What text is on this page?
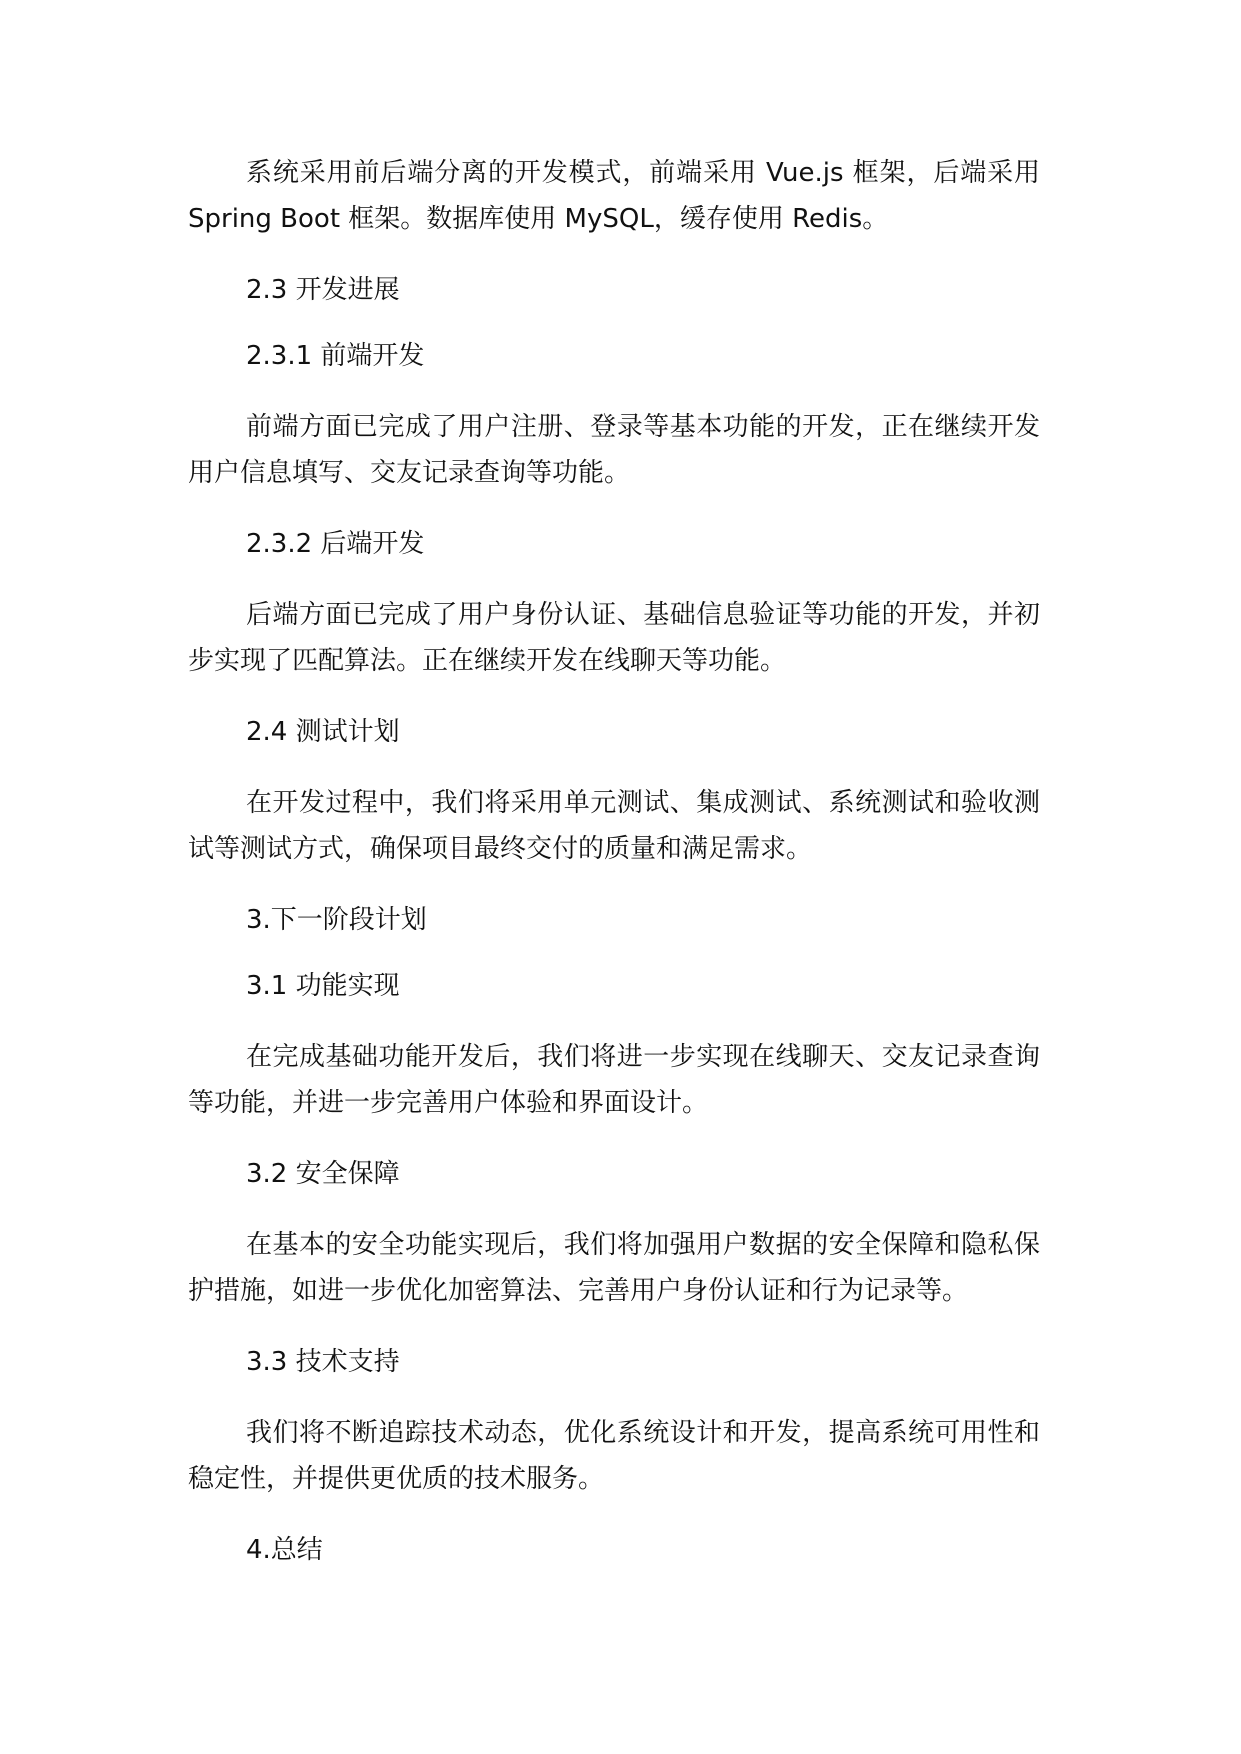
系统采用前后端分离的开发模式，前端采用 Vue.js 框架，后端采用 Spring Boot 框架。数据库使用 MySQL，缓存使用 Redis。

2.3 开发进展
2.3.1 前端开发

前端方面已完成了用户注册、登录等基本功能的开发，正在继续开发用户信息填写、交友记录查询等功能。

2.3.2 后端开发

后端方面已完成了用户身份认证、基础信息验证等功能的开发，并初步实现了匹配算法。正在继续开发在线聊天等功能。

2.4 测试计划

在开发过程中，我们将采用单元测试、集成测试、系统测试和验收测试等测试方式，确保项目最终交付的质量和满足需求。

3.下一阶段计划
3.1 功能实现

在完成基础功能开发后，我们将进一步实现在线聊天、交友记录查询等功能，并进一步完善用户体验和界面设计。

3.2 安全保障

在基本的安全功能实现后，我们将加强用户数据的安全保障和隐私保护措施，如进一步优化加密算法、完善用户身份认证和行为记录等。

3.3 技术支持

我们将不断追踪技术动态，优化系统设计和开发，提高系统可用性和稳定性，并提供更优质的技术服务。

4.总结
